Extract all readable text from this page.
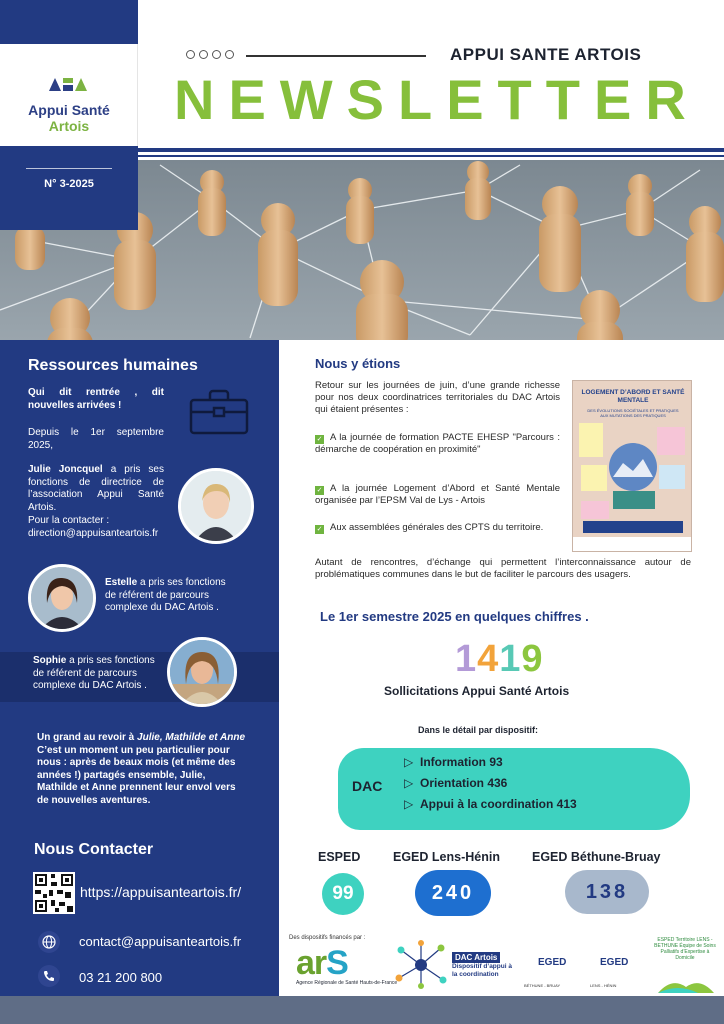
Appui Santé
Artois
N° 3-2025
APPUI SANTE ARTOIS
NEWSLETTER
Ressources humaines
Qui dit rentrée , dit nouvelles arrivées !
Depuis le 1er septembre 2025,
Julie Joncquel a pris ses fonctions de directrice de l’association Appui Santé Artois.
Pour la contacter :
direction@appuisanteartois.fr
Estelle a pris ses fonctions de référent de parcours complexe du DAC Artois .
Sophie a pris ses fonctions de référent de parcours complexe du DAC Artois .
Un grand au revoir à Julie, Mathilde et Anne
C’est un moment un peu particulier pour nous : après de beaux mois (et même des années !) partagés ensemble, Julie, Mathilde et Anne prennent leur envol vers de nouvelles aventures.
Nous Contacter
https://appuisanteartois.fr/
contact@appuisanteartois.fr
03 21 200 800
Nous y étions
Retour sur les journées de juin, d’une grande richesse pour nos deux coordinatrices territoriales du DAC Artois qui étaient présentes :
✓ A la journée de formation PACTE EHESP "Parcours : démarche de coopération en proximité"
✓ A la journée Logement d’Abord et Santé Mentale organisée par l’EPSM Val de Lys - Artois
✓ Aux assemblées générales des CPTS du territoire.
Autant de rencontres, d’échange qui permettent l’interconnaissance autour de problématiques communes dans le but de faciliter le parcours des usagers.
LOGEMENT D’ABORD ET SANTÉ MENTALE
DES ÉVOLUTIONS SOCIÉTALES ET PRATIQUES AUX MUTATIONS DES PRATIQUES
Le 1er semestre 2025 en quelques chiffres .
1419
Sollicitations Appui Santé Artois
Dans le détail par dispositif:
DAC
▷ Information 93
▷ Orientation 436
▷ Appui à la coordination 413
ESPED	EGED Lens-Hénin	EGED Béthune-Bruay
99	240	138
Des dispositifs financés par :
arS
Agence Régionale de Santé Hauts-de-France
DAC Artois
Dispositif d’appui à la coordination
EGED
BÉTHUNE - BRUAY
EGED
LENS - HÉNIN
ESPED Territoire LENS - BETHUNE Équipe de Soins Palliatifs d’Expertise à Domicile
